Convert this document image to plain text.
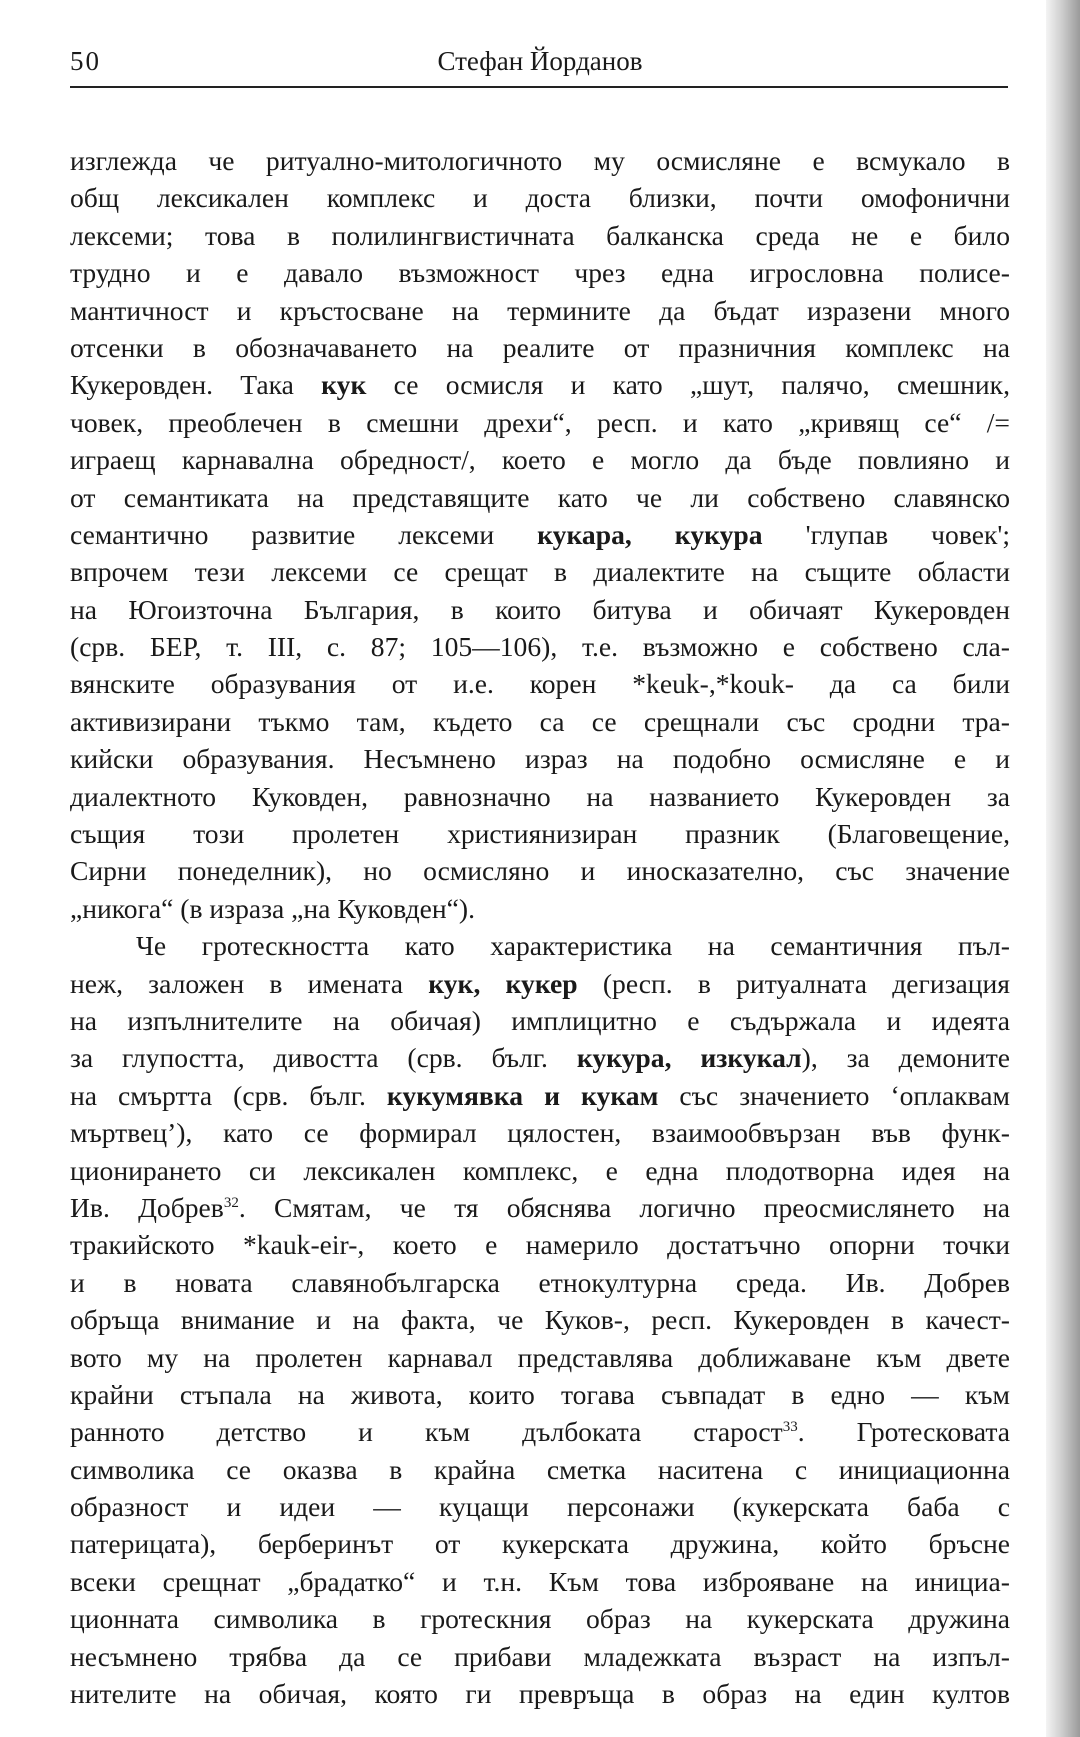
50	Стефан Йорданов
изглежда че ритуално-митологичното му осмисляне е всмукало в
общ лексикален комплекс и доста близки, почти омофонични
лексеми; това в полилингвистичната балканска среда не е било
трудно и е давало възможност чрез една игрословна полисе-
мантичност и кръстосване на термините да бъдат изразени много
отсенки в обозначаването на реалите от празничния комплекс на
Кукеровден. Така кук се осмисля и като „шут, палячо, смешник,
човек, преоблечен в смешни дрехи“, респ. и като „кривящ се“ /=
играещ карнавална обредност/, което е могло да бъде повлияно и
от семантиката на представящите като че ли собствено славянско
семантично развитие лексеми кукара, кукура 'глупав човек';
впрочем тези лексеми се срещат в диалектите на същите области
на Югоизточна България, в които битува и обичаят Кукеровден
(срв. БЕР, т. III, с. 87; 105—106), т.е. възможно е собствено сла-
вянските образувания от и.е. корен *keuk-,*kouk- да са били
активизирани тъкмо там, където са се срещнали със сродни тра-
кийски образувания. Несъмнено израз на подобно осмисляне е и
диалектното Куковден, равнозначно на названието Кукеровден за
същия този пролетен християнизиран празник (Благовещение,
Сирни понеделник), но осмисляно и иносказателно, със значение
„никога“ (в израза „на Куковден“).
Че гротескността като характеристика на семантичния пъл-
неж, заложен в имената кук, кукер (респ. в ритуалната дегизация
на изпълнителите на обичая) имплицитно е съдържала и идеята
за глупостта, дивостта (срв. бълг. кукура, изкукал), за демоните
на смъртта (срв. бълг. кукумявка и кукам със значението ‘оплаквам
мъртвец’), като се формирал цялостен, взаимообвързан във функ-
ционирането си лексикален комплекс, е една плодотворна идея на
Ив. Добрев$^{32}$. Смятам, че тя обяснява логично преосмислянето на
тракийското *kauk-eir-, което е намерило достатъчно опорни точки
и в новата славянобългарска етнокултурна среда. Ив. Добрев
обръща внимание и на факта, че Куков-, респ. Кукеровден в качест-
вото му на пролетен карнавал представлява доближаване към двете
крайни стъпала на живота, които тогава съвпадат в едно — към
ранното детство и към дълбоката старост$^{33}$. Гротесковата
символика се оказва в крайна сметка наситена с инициационна
образност и идеи — куцащи персонажи (кукерската баба с
патерицата), берберинът от кукерската дружина, който бръсне
всеки срещнат „брадатко“ и т.н. Към това изброяване на инициа-
ционната символика в гротескния образ на кукерската дружина
несъмнено трябва да се прибави младежката възраст на изпъл-
нителите на обичая, която ги превръща в образ на един култов
